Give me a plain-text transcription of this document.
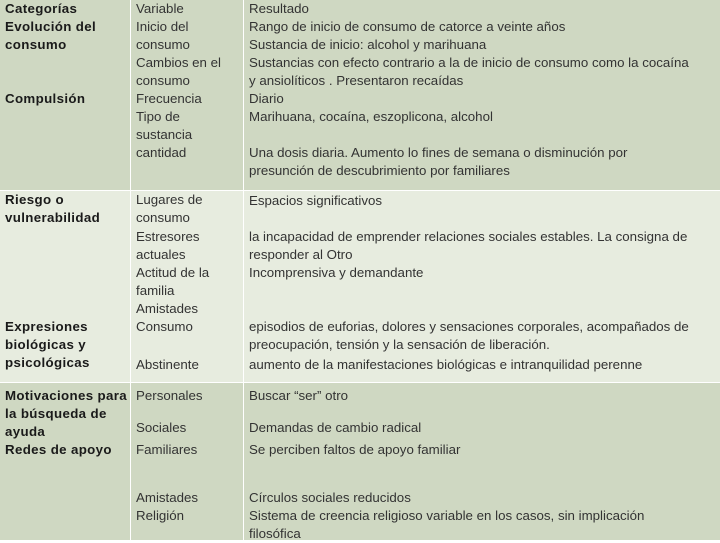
Categorías	Variable	Resultado
Evolución del
consumo
Compulsión
Riesgo o
vulnerabilidad
Expresiones
biológicas y
psicológicas
Motivaciones para
la búsqueda de
ayuda
Redes de apoyo
Inicio del
consumo
Cambios en el
consumo
Frecuencia
Tipo de
sustancia
cantidad
Lugares de
consumo
Estresores
actuales
Actitud de la
familia
Amistades
Consumo
Abstinente
Personales
Sociales
Familiares
Amistades
Religión
Rango de inicio de consumo de catorce a veinte años
Sustancia de inicio: alcohol y marihuana
Sustancias con efecto contrario a la de inicio de consumo como la cocaína
y ansiolíticos . Presentaron recaídas
Diario
Marihuana, cocaína, eszoplicona, alcohol
Una dosis diaria. Aumento lo fines de semana o disminución por
presunción de descubrimiento por familiares
Espacios significativos
la incapacidad de emprender relaciones sociales estables. La consigna de
responder al Otro
Incomprensiva y demandante
episodios de euforias, dolores y sensaciones corporales, acompañados de
preocupación, tensión y la sensación de liberación.
aumento de la manifestaciones biológicas e intranquilidad perenne
Buscar “ser” otro
Demandas de cambio radical
Se perciben faltos de apoyo familiar
Círculos sociales reducidos
Sistema de creencia religioso variable en los casos, sin implicación
filosófica
